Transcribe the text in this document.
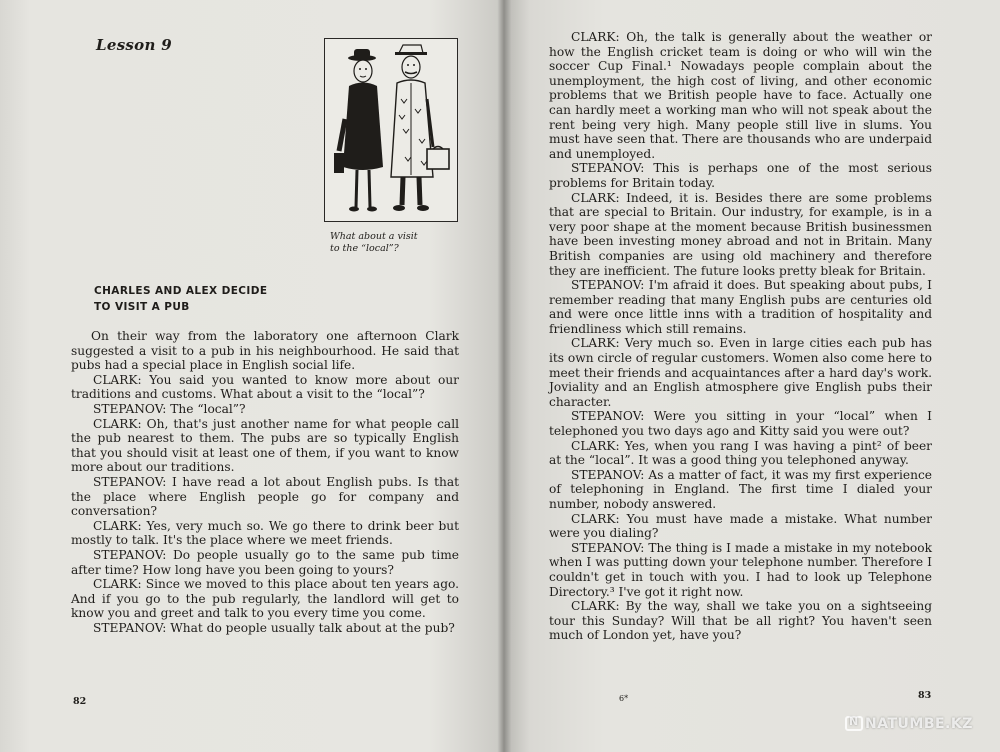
Lesson 9
What about a visit
to the “local”?
CHARLES AND ALEX DECIDE
TO VISIT A PUB

On their way from the laboratory one afternoon Clark suggested a visit to a pub in his neighbourhood. He said that pubs had a special place in English social life.

CLARK: You said you wanted to know more about our traditions and customs. What about a visit to the “local”?

STEPANOV: The “local”?

CLARK: Oh, that's just another name for what people call the pub nearest to them. The pubs are so typically English that you should visit at least one of them, if you want to know more about our traditions.

STEPANOV: I have read a lot about English pubs. Is that the place where English people go for company and conversation?

CLARK: Yes, very much so. We go there to drink beer but mostly to talk. It's the place where we meet friends.

STEPANOV: Do people usually go to the same pub time after time? How long have you been going to yours?

CLARK: Since we moved to this place about ten years ago. And if you go to the pub regularly, the landlord will get to know you and greet and talk to you every time you come.

STEPANOV: What do people usually talk about at the pub?

82

CLARK: Oh, the talk is generally about the weather or how the English cricket team is doing or who will win the soccer Cup Final.¹ Nowadays people complain about the unemployment, the high cost of living, and other economic problems that we British people have to face. Actually one can hardly meet a working man who will not speak about the rent being very high. Many people still live in slums. You must have seen that. There are thousands who are underpaid and unemployed.

STEPANOV: This is perhaps one of the most serious problems for Britain today.

CLARK: Indeed, it is. Besides there are some problems that are special to Britain. Our industry, for example, is in a very poor shape at the moment because British businessmen have been investing money abroad and not in Britain. Many British companies are using old machinery and therefore they are inefficient. The future looks pretty bleak for Britain.

STEPANOV: I'm afraid it does. But speaking about pubs, I remember reading that many English pubs are centuries old and were once little inns with a tradition of hospitality and friendliness which still remains.

CLARK: Very much so. Even in large cities each pub has its own circle of regular customers. Women also come here to meet their friends and acquaintances after a hard day's work. Joviality and an English atmosphere give English pubs their character.

STEPANOV: Were you sitting in your “local” when I telephoned you two days ago and Kitty said you were out?

CLARK: Yes, when you rang I was having a pint² of beer at the “local”. It was a good thing you telephoned anyway.

STEPANOV: As a matter of fact, it was my first experience of telephoning in England. The first time I dialed your number, nobody answered.

CLARK: You must have made a mistake. What number were you dialing?

STEPANOV: The thing is I made a mistake in my notebook when I was putting down your telephone number. Therefore I couldn't get in touch with you. I had to look up Telephone Directory.³ I've got it right now.

CLARK: By the way, shall we take you on a sightseeing tour this Sunday? Will that be all right? You haven't seen much of London yet, have you?

6*	83
NNATUMBE.KZ
